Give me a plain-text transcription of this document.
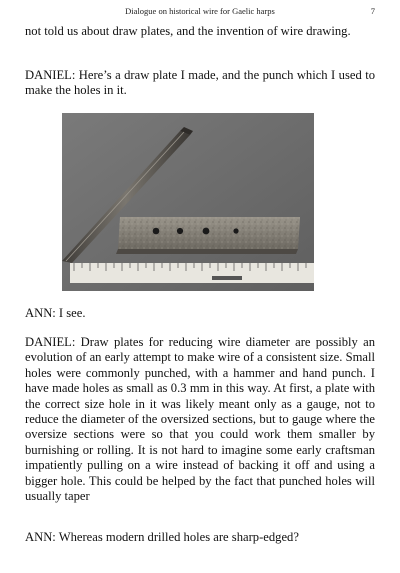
Dialogue on historical wire for Gaelic harps	7

not told us about draw plates, and the invention of wire drawing.

DANIEL: Here’s a draw plate I made, and the punch which I used to make the holes in it.

ANN: I see.

DANIEL: Draw plates for reducing wire diameter are possibly an evolution of an early attempt to make wire of a consistent size. Small holes were commonly punched, with a hammer and hand punch. I have made holes as small as 0.3 mm in this way. At first, a plate with the correct size hole in it was likely meant only as a gauge, not to reduce the diameter of the oversized sections, but to gauge where the oversize sections were so that you could work them smaller by burnishing or rolling. It is not hard to imagine some early craftsman impatiently pulling on a wire instead of backing it off and using a bigger hole. This could be helped by the fact that punched holes will usually taper

ANN: Whereas modern drilled holes are sharp-edged?
